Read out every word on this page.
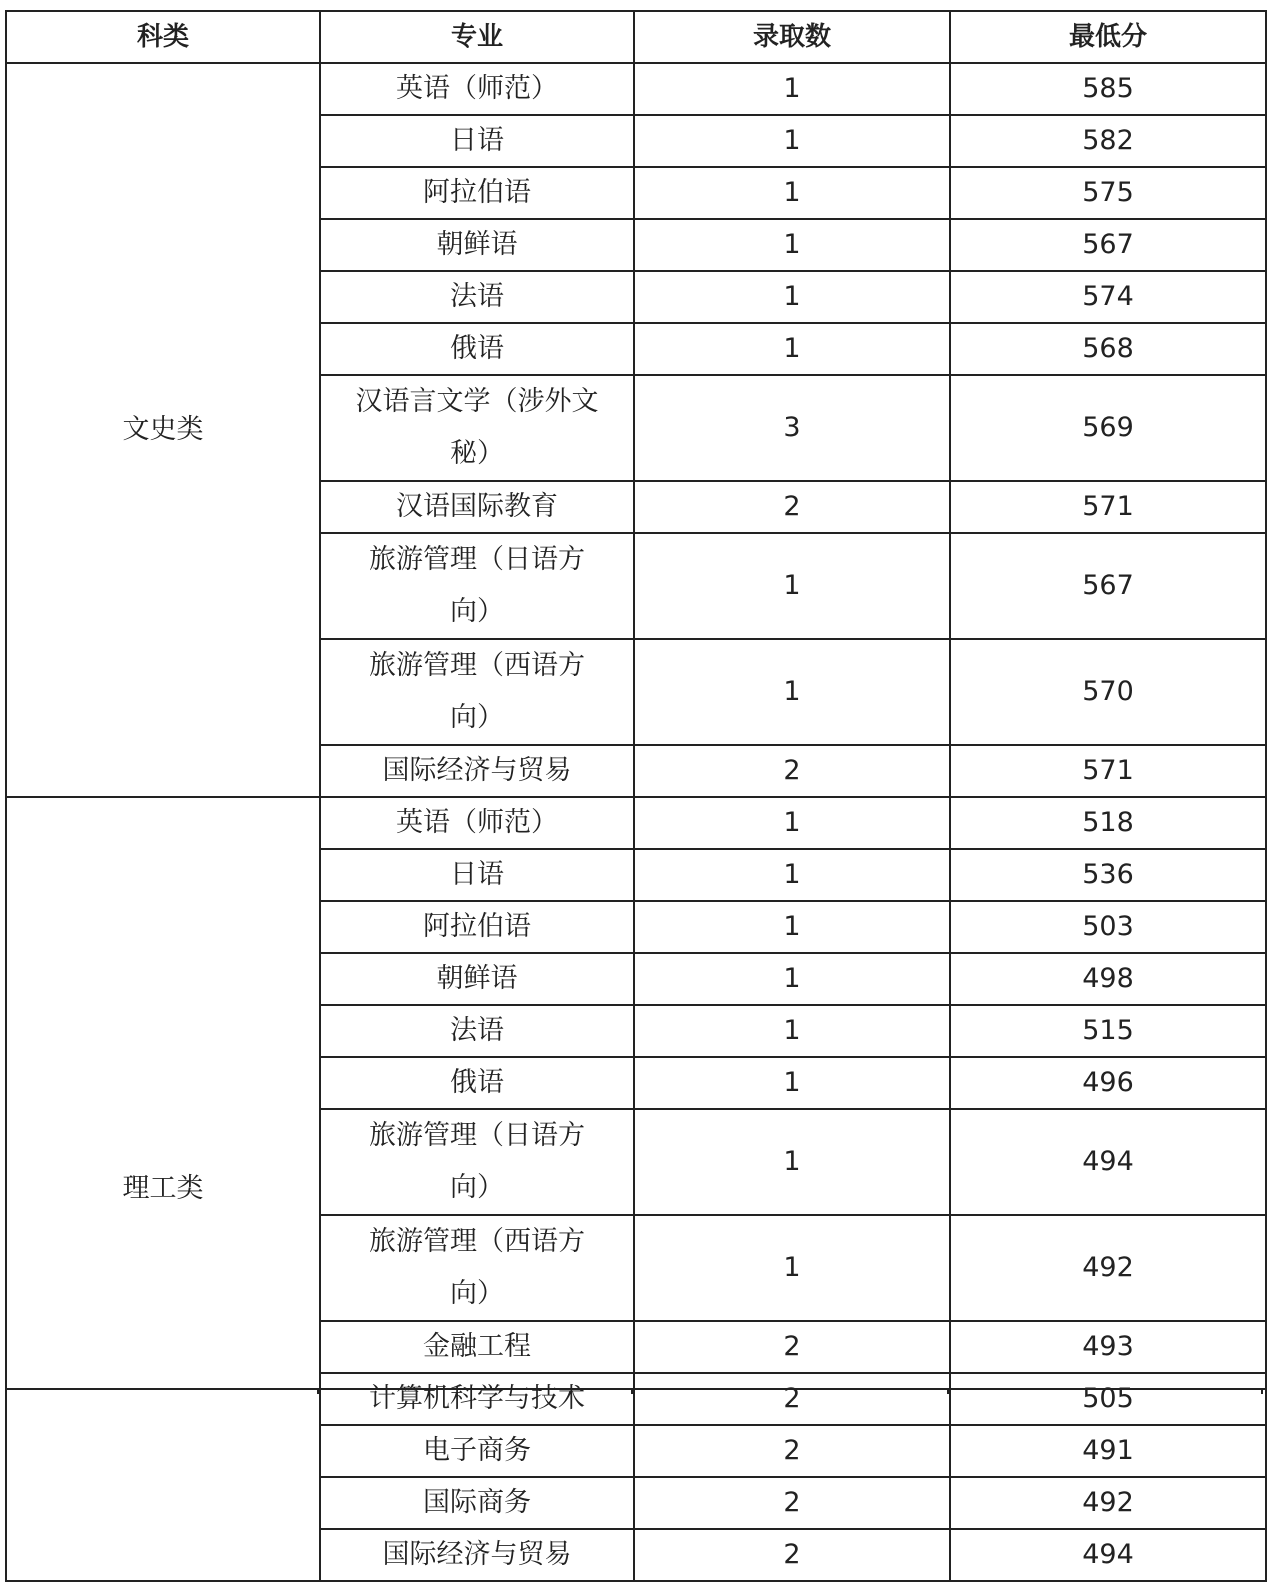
科类	专业	录取数	最低分
文史类	英语（师范）	1	585
	日语	1	582
	阿拉伯语	1	575
	朝鲜语	1	567
	法语	1	574
	俄语	1	568
	汉语言文学（涉外文秘）	3	569
	汉语国际教育	2	571
	旅游管理（日语方向）	1	567
	旅游管理（西语方向）	1	570
	国际经济与贸易	2	571
理工类	英语（师范）	1	518
	日语	1	536
	阿拉伯语	1	503
	朝鲜语	1	498
	法语	1	515
	俄语	1	496
	旅游管理（日语方向）	1	494
	旅游管理（西语方向）	1	492
	金融工程	2	493
	计算机科学与技术	2	505
	电子商务	2	491
	国际商务	2	492
	国际经济与贸易	2	494
